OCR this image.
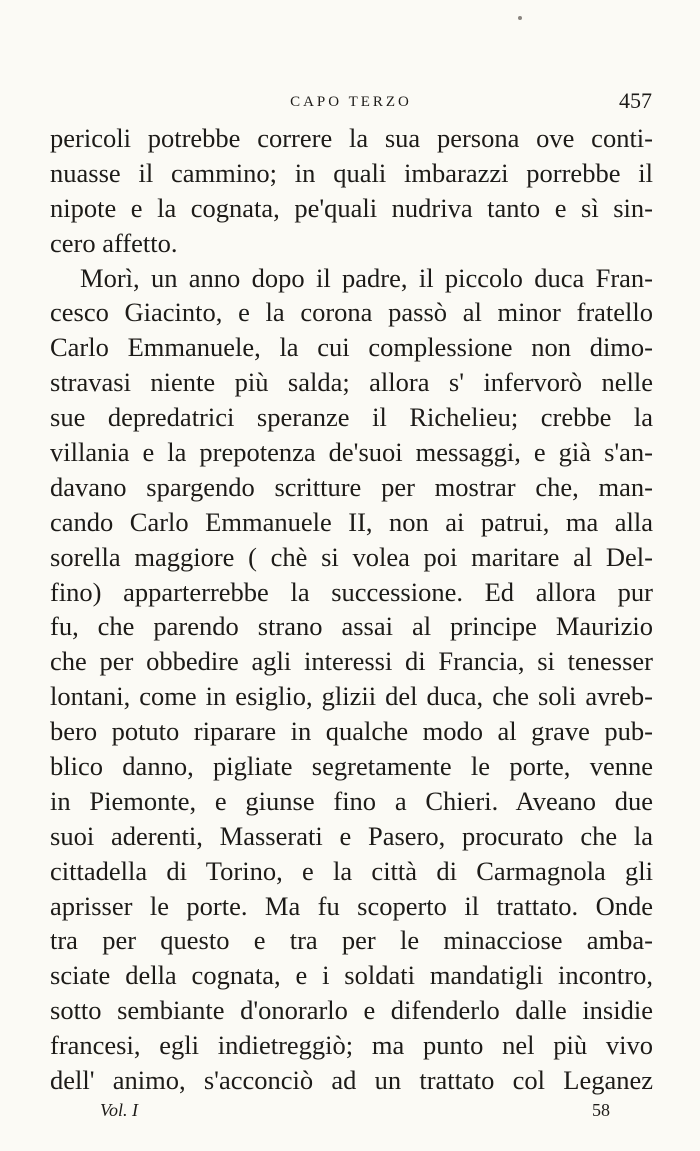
CAPO TERZO	457
pericoli potrebbe correre la sua persona ove conti-
nuasse il cammino; in quali imbarazzi porrebbe il
nipote e la cognata, pe'quali nudriva tanto e sì sin-
cero affetto.
Morì, un anno dopo il padre, il piccolo duca Fran-
cesco Giacinto, e la corona passò al minor fratello
Carlo Emmanuele, la cui complessione non dimo-
stravasi niente più salda; allora s' infervorò nelle
sue depredatrici speranze il Richelieu; crebbe la
villania e la prepotenza de'suoi messaggi, e già s'an-
davano spargendo scritture per mostrar che, man-
cando Carlo Emmanuele II, non ai patrui, ma alla
sorella maggiore ( chè si volea poi maritare al Del-
fino) apparterrebbe la successione. Ed allora pur
fu, che parendo strano assai al principe Maurizio
che per obbedire agli interessi di Francia, si tenesser
lontani, come in esiglio, glizii del duca, che soli avreb-
bero potuto riparare in qualche modo al grave pub-
blico danno, pigliate segretamente le porte, venne
in Piemonte, e giunse fino a Chieri. Aveano due
suoi aderenti, Masserati e Pasero, procurato che la
cittadella di Torino, e la città di Carmagnola gli
aprisser le porte. Ma fu scoperto il trattato. Onde
tra per questo e tra per le minacciose amba-
sciate della cognata, e i soldati mandatigli incontro,
sotto sembiante d'onorarlo e difenderlo dalle insidie
francesi, egli indietreggiò; ma punto nel più vivo
dell' animo, s'acconciò ad un trattato col Leganez
Vol. I	58
